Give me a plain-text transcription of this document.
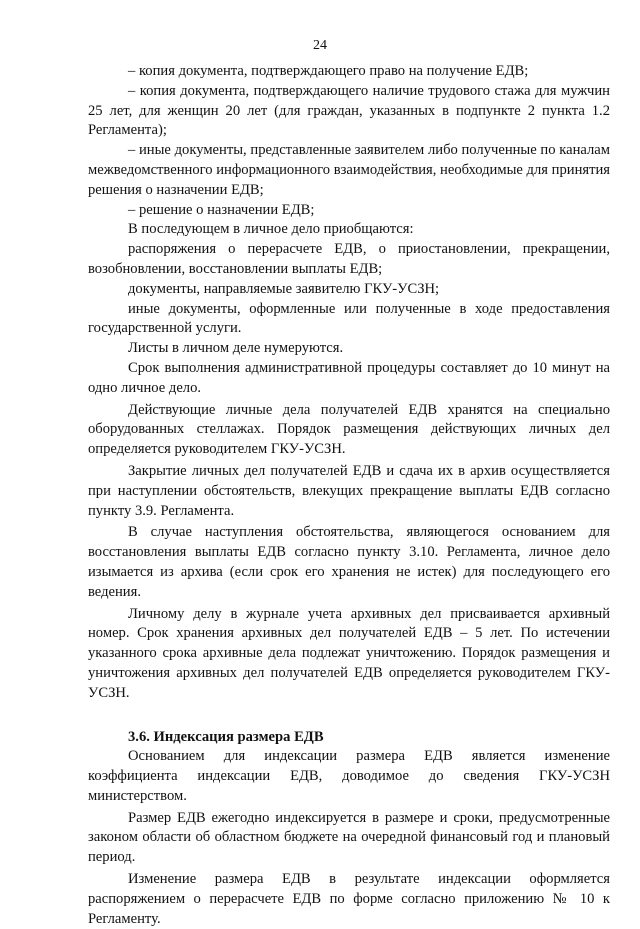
24

– копия документа, подтверждающего право на получение ЕДВ;

– копия документа, подтверждающего наличие трудового стажа для мужчин 25 лет, для женщин 20 лет (для граждан, указанных в подпункте 2 пункта 1.2 Регламента);

– иные документы, представленные заявителем либо полученные по каналам межведомственного информационного взаимодействия, необходимые для принятия решения о назначении ЕДВ;

– решение о назначении ЕДВ;

В последующем в личное дело приобщаются:

распоряжения о перерасчете ЕДВ, о приостановлении, прекращении, возобновлении, восстановлении выплаты ЕДВ;

документы, направляемые заявителю ГКУ-УСЗН;

иные документы, оформленные или полученные в ходе предоставления государственной услуги.

Листы в личном деле нумеруются.

Срок выполнения административной процедуры составляет до 10 минут на одно личное дело.

Действующие личные дела получателей ЕДВ хранятся на специально оборудованных стеллажах. Порядок размещения действующих личных дел определяется руководителем ГКУ-УСЗН.

Закрытие личных дел получателей ЕДВ и сдача их в архив осуществляется при наступлении обстоятельств, влекущих прекращение выплаты ЕДВ согласно пункту 3.9. Регламента.

В случае наступления обстоятельства, являющегося основанием для восстановления выплаты ЕДВ согласно пункту 3.10. Регламента, личное дело изымается из архива (если срок его хранения не истек) для последующего его ведения.

Личному делу в журнале учета архивных дел присваивается архивный номер. Срок хранения архивных дел получателей ЕДВ – 5 лет. По истечении указанного срока архивные дела подлежат уничтожению. Порядок размещения и уничтожения архивных дел получателей ЕДВ определяется руководителем ГКУ-УСЗН.

3.6. Индексация размера ЕДВ

Основанием для индексации размера ЕДВ является изменение коэффициента индексации ЕДВ, доводимое до сведения ГКУ-УСЗН министерством.

Размер ЕДВ ежегодно индексируется в размере и сроки, предусмотренные законом области об областном бюджете на очередной финансовый год и плановый период.

Изменение размера ЕДВ в результате индексации оформляется распоряжением о перерасчете ЕДВ по форме согласно приложению № 10 к Регламенту.
